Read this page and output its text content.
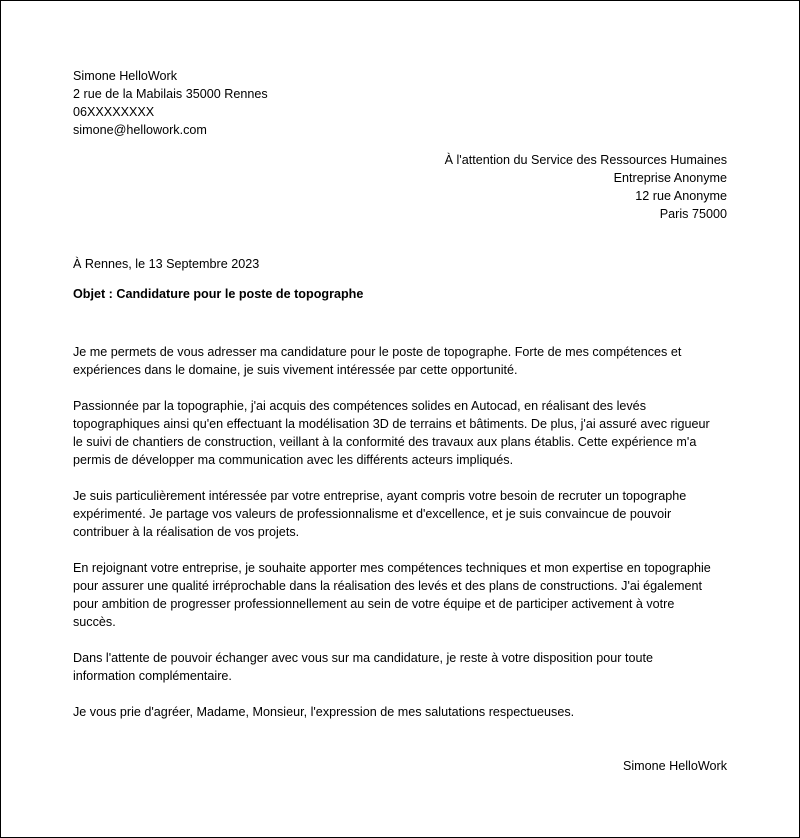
Simone HelloWork
2 rue de la Mabilais 35000 Rennes
06XXXXXXXX
simone@hellowork.com
À l'attention du Service des Ressources Humaines
Entreprise Anonyme
12 rue Anonyme
Paris 75000
À Rennes, le 13 Septembre 2023
Objet : Candidature pour le poste de topographe

Je me permets de vous adresser ma candidature pour le poste de topographe. Forte de mes compétences et
expériences dans le domaine, je suis vivement intéressée par cette opportunité.

Passionnée par la topographie, j'ai acquis des compétences solides en Autocad, en réalisant des levés
topographiques ainsi qu'en effectuant la modélisation 3D de terrains et bâtiments. De plus, j'ai assuré avec rigueur
le suivi de chantiers de construction, veillant à la conformité des travaux aux plans établis. Cette expérience m'a
permis de développer ma communication avec les différents acteurs impliqués.

Je suis particulièrement intéressée par votre entreprise, ayant compris votre besoin de recruter un topographe
expérimenté. Je partage vos valeurs de professionnalisme et d'excellence, et je suis convaincue de pouvoir
contribuer à la réalisation de vos projets.

En rejoignant votre entreprise, je souhaite apporter mes compétences techniques et mon expertise en topographie
pour assurer une qualité irréprochable dans la réalisation des levés et des plans de constructions. J'ai également
pour ambition de progresser professionnellement au sein de votre équipe et de participer activement à votre
succès.

Dans l'attente de pouvoir échanger avec vous sur ma candidature, je reste à votre disposition pour toute
information complémentaire.

Je vous prie d'agréer, Madame, Monsieur, l'expression de mes salutations respectueuses.

Simone HelloWork
